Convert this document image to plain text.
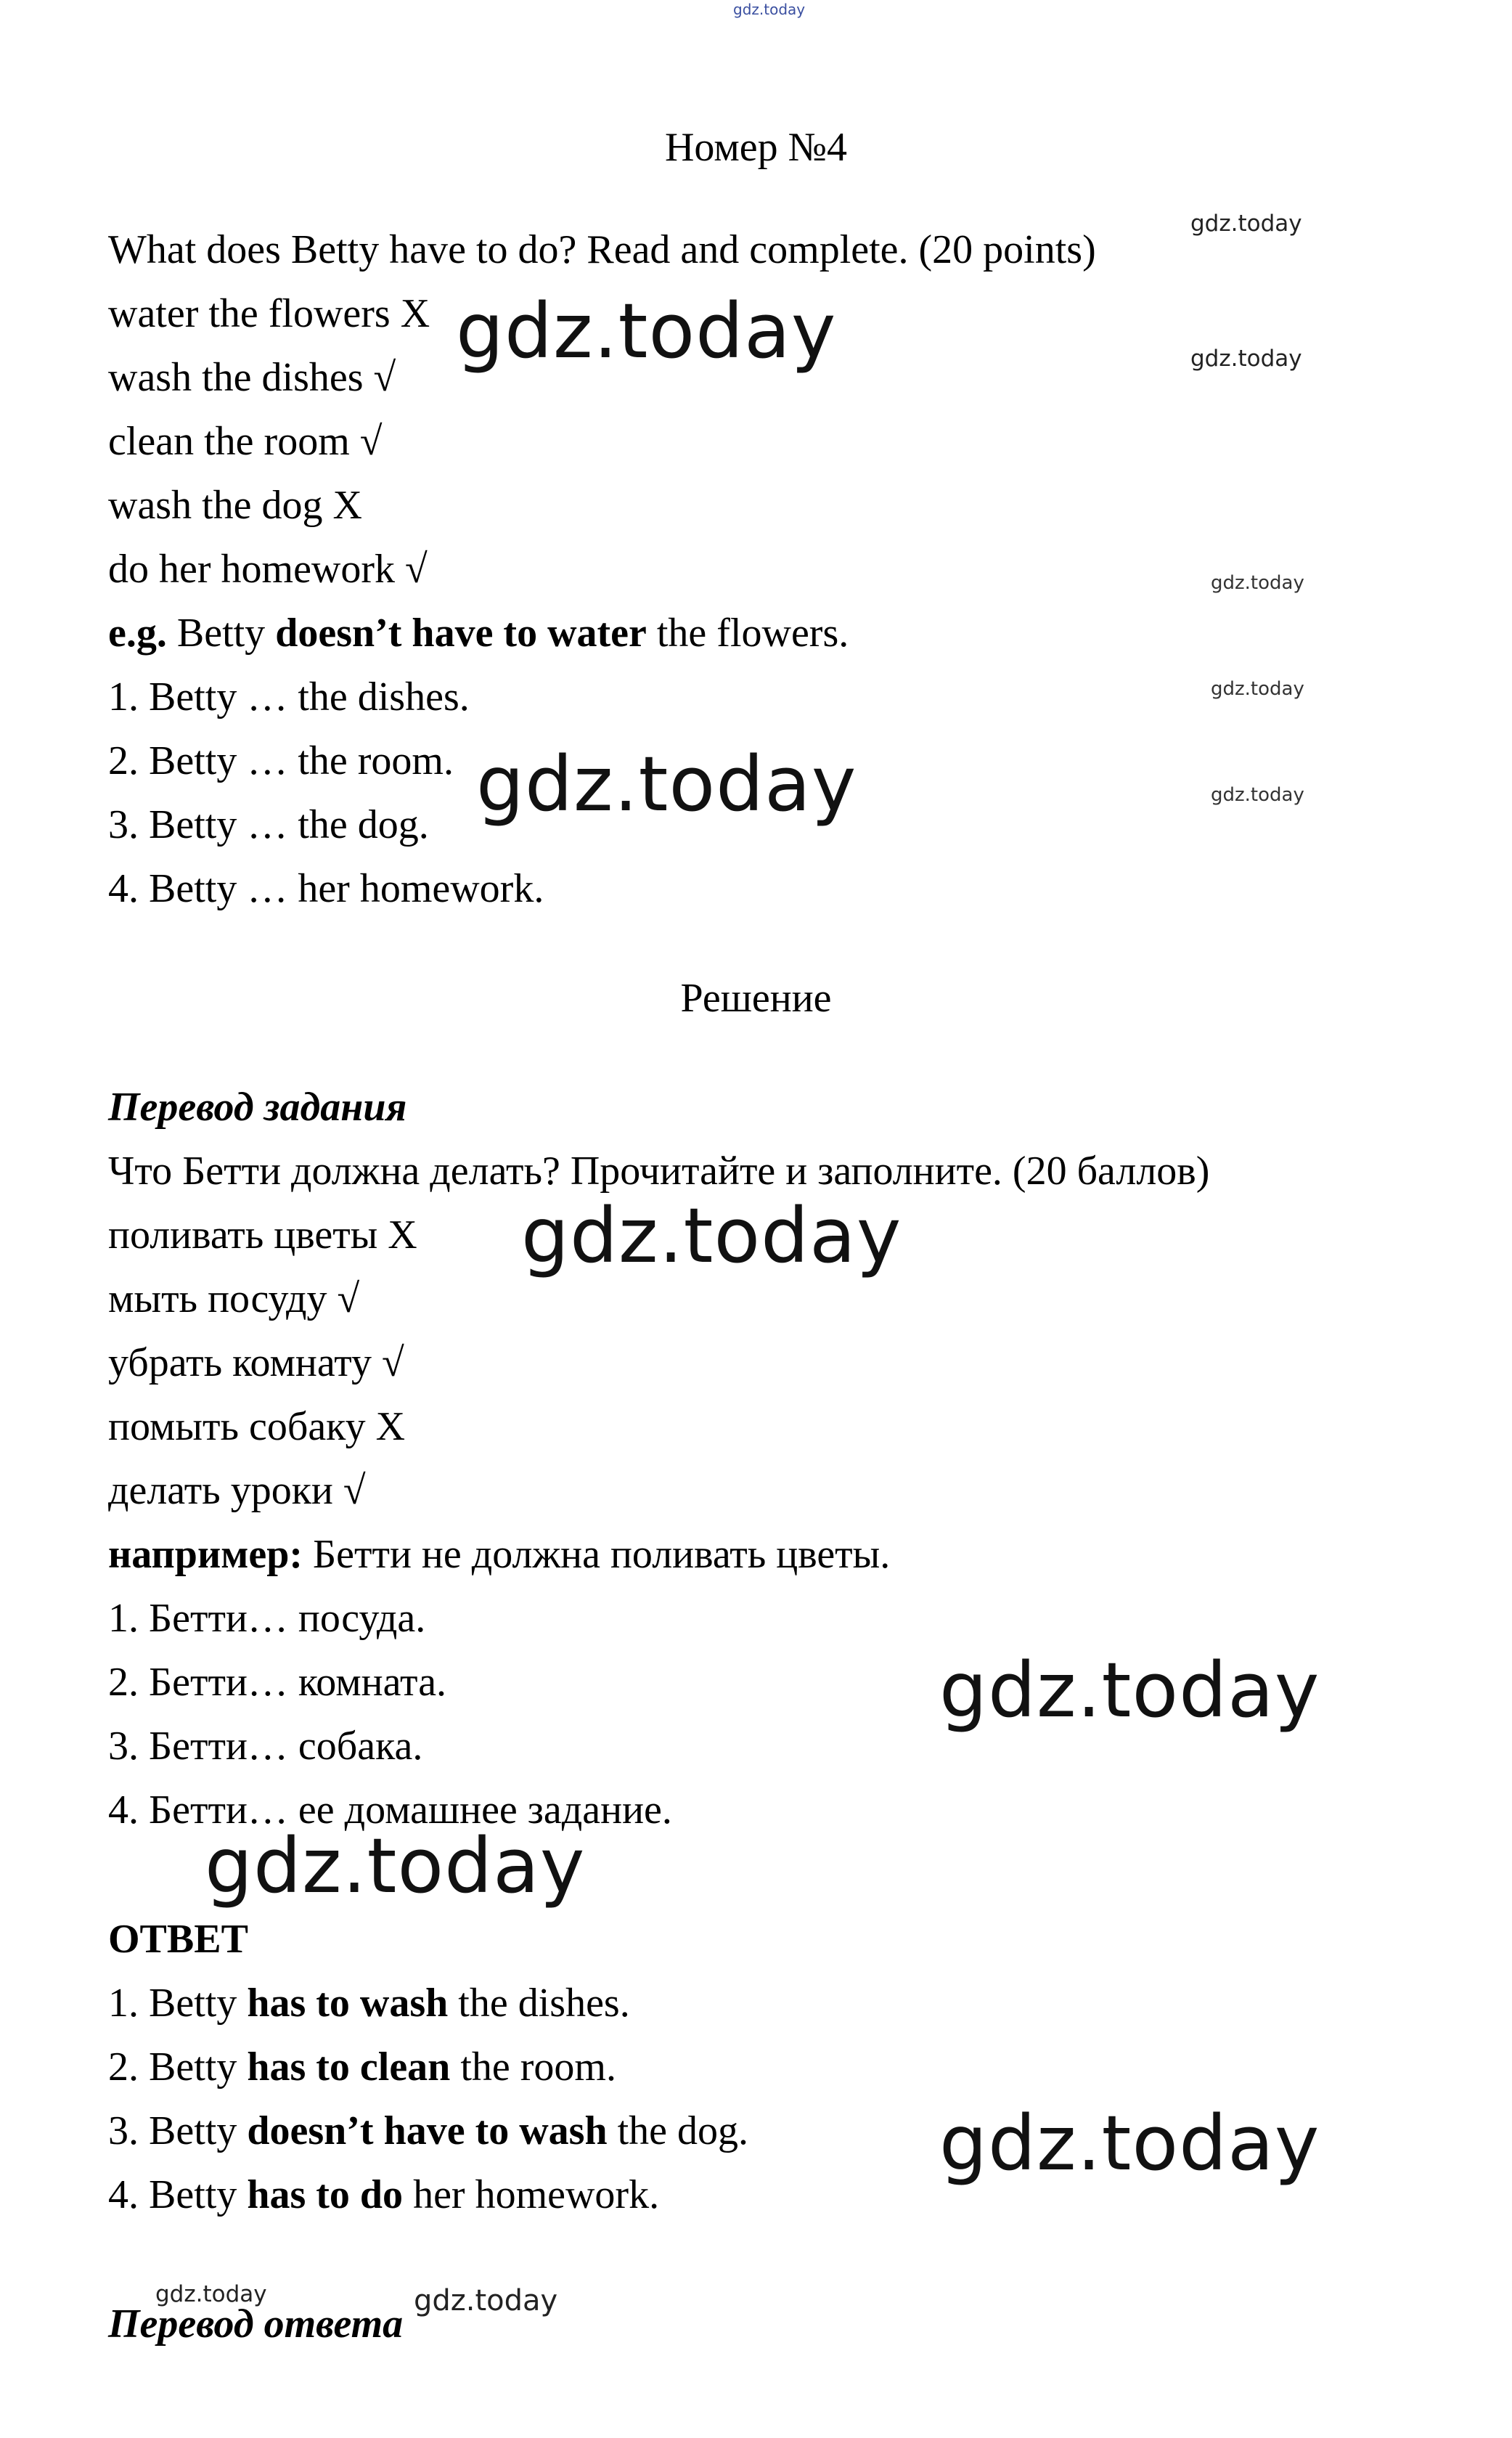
gdz.today
Номер №4
What does Betty have to do? Read and complete. (20 points)
water the flowers X
wash the dishes √
clean the room √
wash the dog X
do her homework √
e.g. Betty doesn’t have to water the flowers.
1. Betty … the dishes.
2. Betty … the room.
3. Betty … the dog.
4. Betty … her homework.
Решение
Перевод задания
Что Бетти должна делать? Прочитайте и заполните. (20 баллов)
поливать цветы X
мыть посуду √
убрать комнату √
помыть собаку X
делать уроки √
например: Бетти не должна поливать цветы.
1. Бетти… посуда.
2. Бетти… комната.
3. Бетти… собака.
4. Бетти… ее домашнее задание.
ОТВЕТ
1. Betty has to wash the dishes.
2. Betty has to clean the room.
3. Betty doesn’t have to wash the dog.
4. Betty has to do her homework.
Перевод ответа
gdz.today
gdz.today
gdz.today
gdz.today
gdz.today
gdz.today
gdz.today
gdz.today
gdz.today
gdz.today
gdz.today
gdz.today	gdz.today
